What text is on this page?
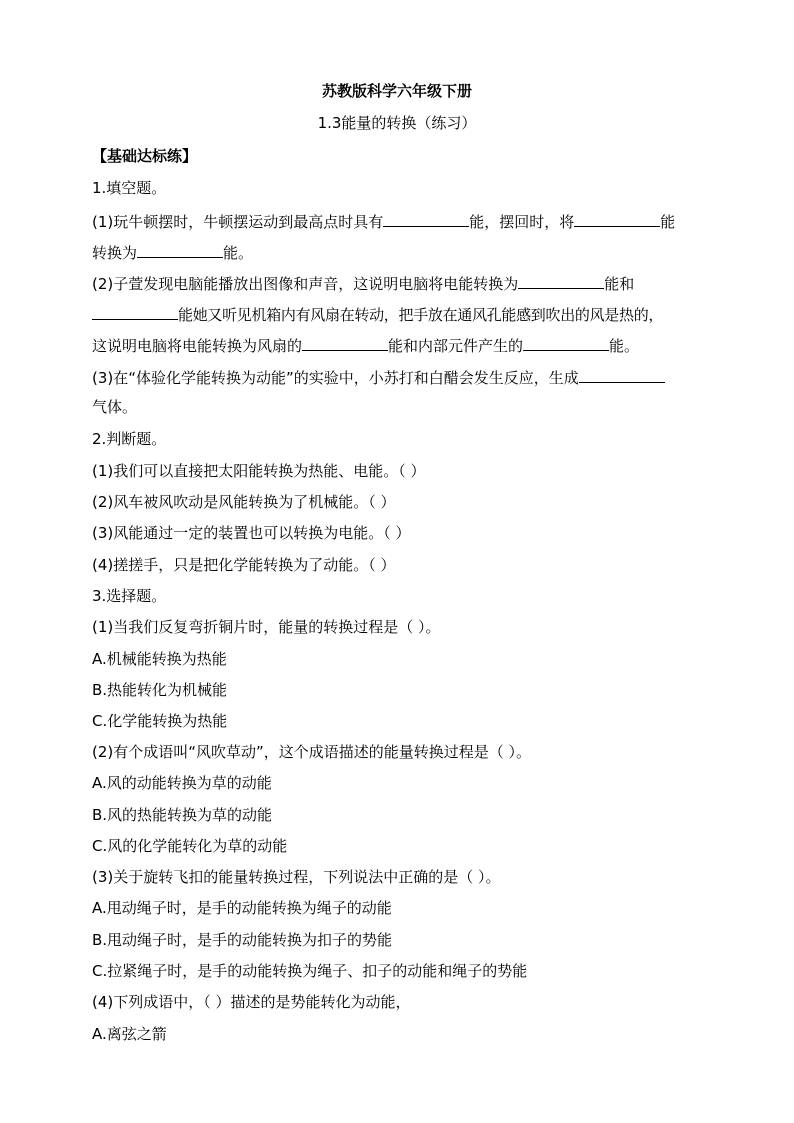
苏教版科学六年级下册
1.3能量的转换（练习）
【基础达标练】
1.填空题。
(1)玩牛顿摆时，牛顿摆运动到最高点时具有	能，摆回时，将	能
转换为	能。
(2)子萱发现电脑能播放出图像和声音，这说明电脑将电能转换为	能和
能她又听见机箱内有风扇在转动，把手放在通风孔能感到吹出的风是热的，
这说明电脑将电能转换为风扇的	能和内部元件产生的	能。
(3)在“体验化学能转换为动能”的实验中，小苏打和白醋会发生反应，生成
气体。
2.判断题。
(1)我们可以直接把太阳能转换为热能、电能。（ ）
(2)风车被风吹动是风能转换为了机械能。（ ）
(3)风能通过一定的装置也可以转换为电能。（ ）
(4)搓搓手，只是把化学能转换为了动能。（ ）
3.选择题。
(1)当我们反复弯折铜片时，能量的转换过程是（ ）。
A.机械能转换为热能
B.热能转化为机械能
C.化学能转换为热能
(2)有个成语叫“风吹草动”，这个成语描述的能量转换过程是（ ）。
A.风的动能转换为草的动能
B.风的热能转换为草的动能
C.风的化学能转化为草的动能
(3)关于旋转飞扣的能量转换过程，下列说法中正确的是（ ）。
A.甩动绳子时，是手的动能转换为绳子的动能
B.甩动绳子时，是手的动能转换为扣子的势能
C.拉紧绳子时，是手的动能转换为绳子、扣子的动能和绳子的势能
(4)下列成语中，（ ）描述的是势能转化为动能，
A.离弦之箭
